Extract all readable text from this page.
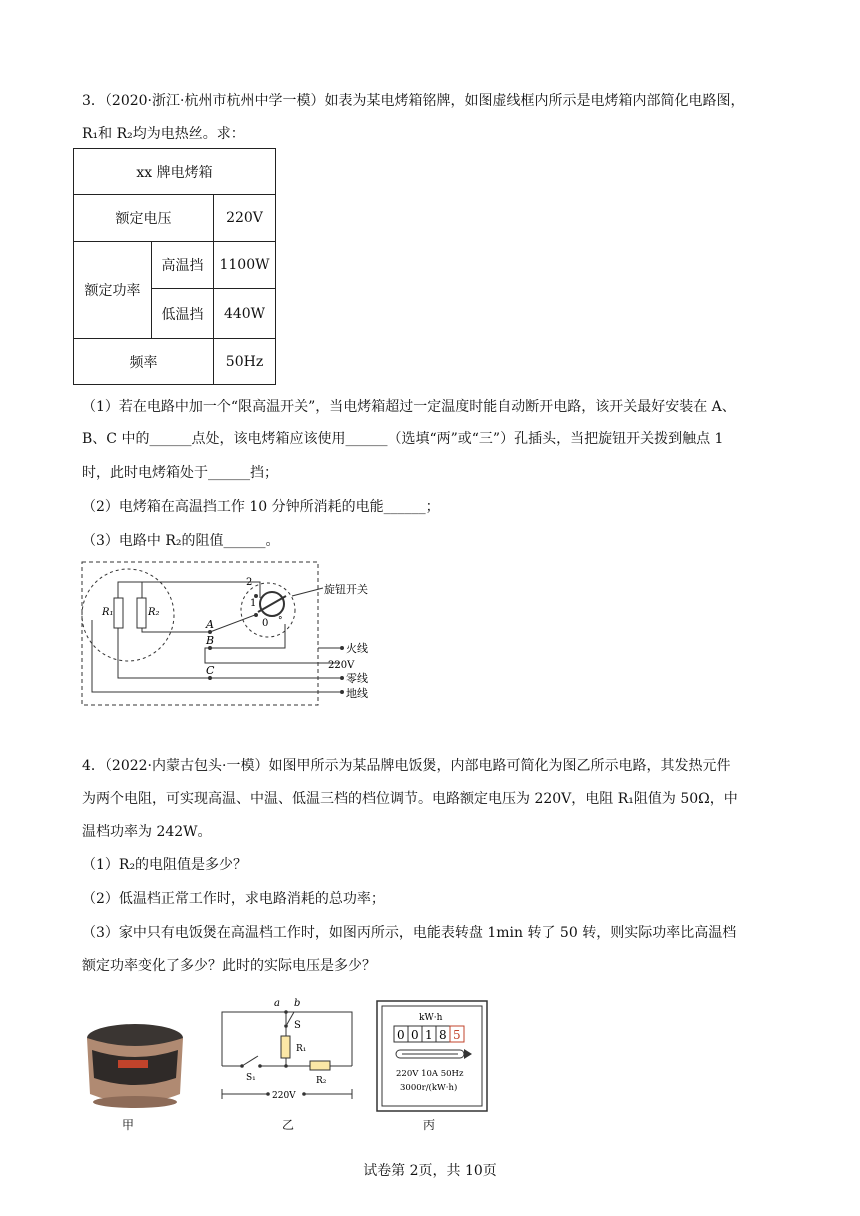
3．（2020·浙江·杭州市杭州中学一模）如表为某电烤箱铭牌，如图虚线框内所示是电烤箱内部简化电路图，
R₁和 R₂均为电热丝。求：
xx 牌电烤箱		
额定电压		220V
额定功率	高温挡	1100W
	低温挡	440W
频率		50Hz
（1）若在电路中加一个“限高温开关”，当电烤箱超过一定温度时能自动断开电路，该开关最好安装在 A、
B、C 中的______点处，该电烤箱应该使用______（选填“两”或“三”）孔插头，当把旋钮开关拨到触点 1
时，此时电烤箱处于______挡；
（2）电烤箱在高温挡工作 10 分钟所消耗的电能______；
（3）电路中 R₂的阻值______。
R₁	R₂
A
B
C
2
1
0 °
旋钮开关
火线
220V
零线
地线
4．（2022·内蒙古包头·一模）如图甲所示为某品牌电饭煲，内部电路可简化为图乙所示电路，其发热元件
为两个电阻，可实现高温、中温、低温三档的档位调节。电路额定电压为 220V，电阻 R₁阻值为 50Ω，中
温档功率为 242W。
（1）R₂的电阻值是多少？
（2）低温档正常工作时，求电路消耗的总功率；
（3）家中只有电饭煲在高温档工作时，如图丙所示，电能表转盘 1min 转了 50 转，则实际功率比高温档
额定功率变化了多少？此时的实际电压是多少？
甲
a b
S
R₁
S₁	R₂
220V
乙
kW·h
0 0 1 8 5
220V 10A 50Hz
3000r/(kW·h)
丙
试卷第 2页，共 10页
